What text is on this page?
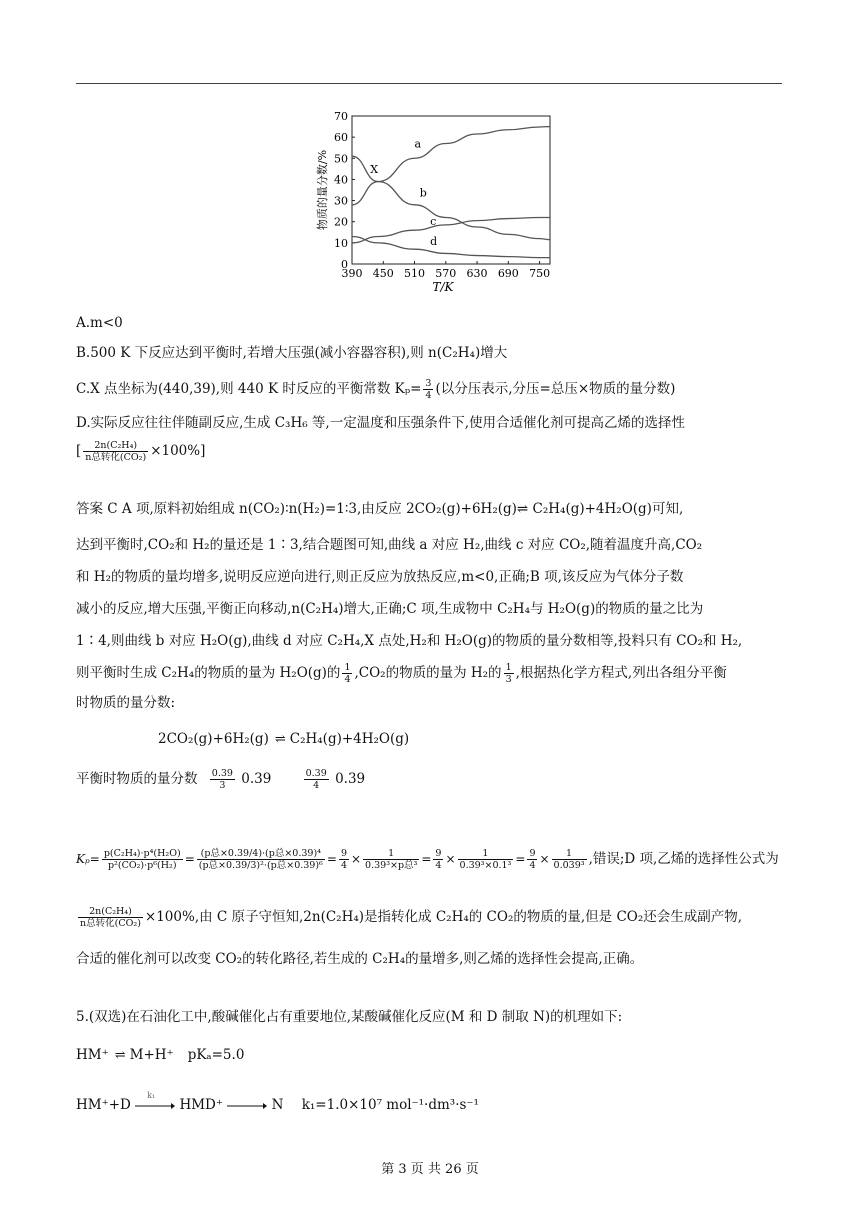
390 450 510 570 630 690 750
0
10
20
30
40
50
60
70
T/K
物质的量分数/%
a
b
c
d
X
A.m<0
B.500 K 下反应达到平衡时,若增大压强(减小容器容积),则 n(C₂H₄)增大
C.X 点坐标为(440,39),则 440 K 时反应的平衡常数 $K_p= \frac{3}{4}$ (以分压表示,分压=总压×物质的量分数)
D.实际反应往往伴随副反应,生成 C₃H₆ 等,一定温度和压强条件下,使用合适催化剂可提高乙烯的选择性
[ $\frac{\text{2n(C₂H₄)}}{\text{n总转化(CO₂)}} \times 100\%$]
答案 C A 项,原料初始组成 n(CO₂)∶n(H₂)=1∶3,由反应 2CO₂(g)+6H₂(g)⇌ C₂H₄(g)+4H₂O(g)可知,
达到平衡时,CO₂和 H₂的量还是 1∶3,结合题图可知,曲线 a 对应 H₂,曲线 c 对应 CO₂,随着温度升高,CO₂
和 H₂的物质的量均增多,说明反应逆向进行,则正反应为放热反应,m<0,正确;B 项,该反应为气体分子数
减小的反应,增大压强,平衡正向移动,n(C₂H₄)增大,正确;C 项,生成物中 C₂H₄与 H₂O(g)的物质的量之比为
1∶4,则曲线 b 对应 H₂O(g),曲线 d 对应 C₂H₄,X 点处,H₂和 H₂O(g)的物质的量分数相等,投料只有 CO₂和 H₂,
则平衡时生成 C₂H₄的物质的量为 H₂O(g)的 $\frac{1}{4} ,CO_2$的物质的量为 H₂的 $\frac{1}{3}$ ,根据热化学方程式,列出各组分平衡
时物质的量分数:
2CO₂(g)+6H₂(g) ⇌ C₂H₄(g)+4H₂O(g)
平衡时物质的量分数 $\frac{0.39}{3} 0.39$	$\frac{0.39}{4} 0.39$
$K_p= \frac{\text{p(C₂H₄)·p⁴(H₂O)}}{\text{p²(CO₂)·p⁶(H₂)}} = \frac{\text{(p总×0.39/4)·(p总×0.39)⁴}}{\text{(p总×0.39/3)²·(p总×0.39)⁶}} = \frac{9}{4} \times \frac{1}{\text{0.39³×p总³}} = \frac{9}{4} \times \frac{1}{\text{0.39³×0.1³}} = \frac{9}{4} \times \frac{1}{\text{0.039³}}$ ,错误;D 项,乙烯的选择性公式为
$\frac{\text{2n(C₂H₄)}}{\text{n总转化(CO₂)}} \times 100\%$,由 C 原子守恒知,2n(C₂H₄)是指转化成 C₂H₄的 CO₂的物质的量,但是 CO₂还会生成副产物,
合适的催化剂可以改变 CO₂的转化路径,若生成的 C₂H₄的量增多,则乙烯的选择性会提高,正确。
5.(双选)在石油化工中,酸碱催化占有重要地位,某酸碱催化反应(M 和 D 制取 N)的机理如下:
HM⁺ ⇌ M+H⁺ pKₐ=5.0
HM⁺+D
k₁
HMD⁺	N k₁=1.0×10⁷ mol⁻¹·dm³·s⁻¹
第 3 页 共 26 页
